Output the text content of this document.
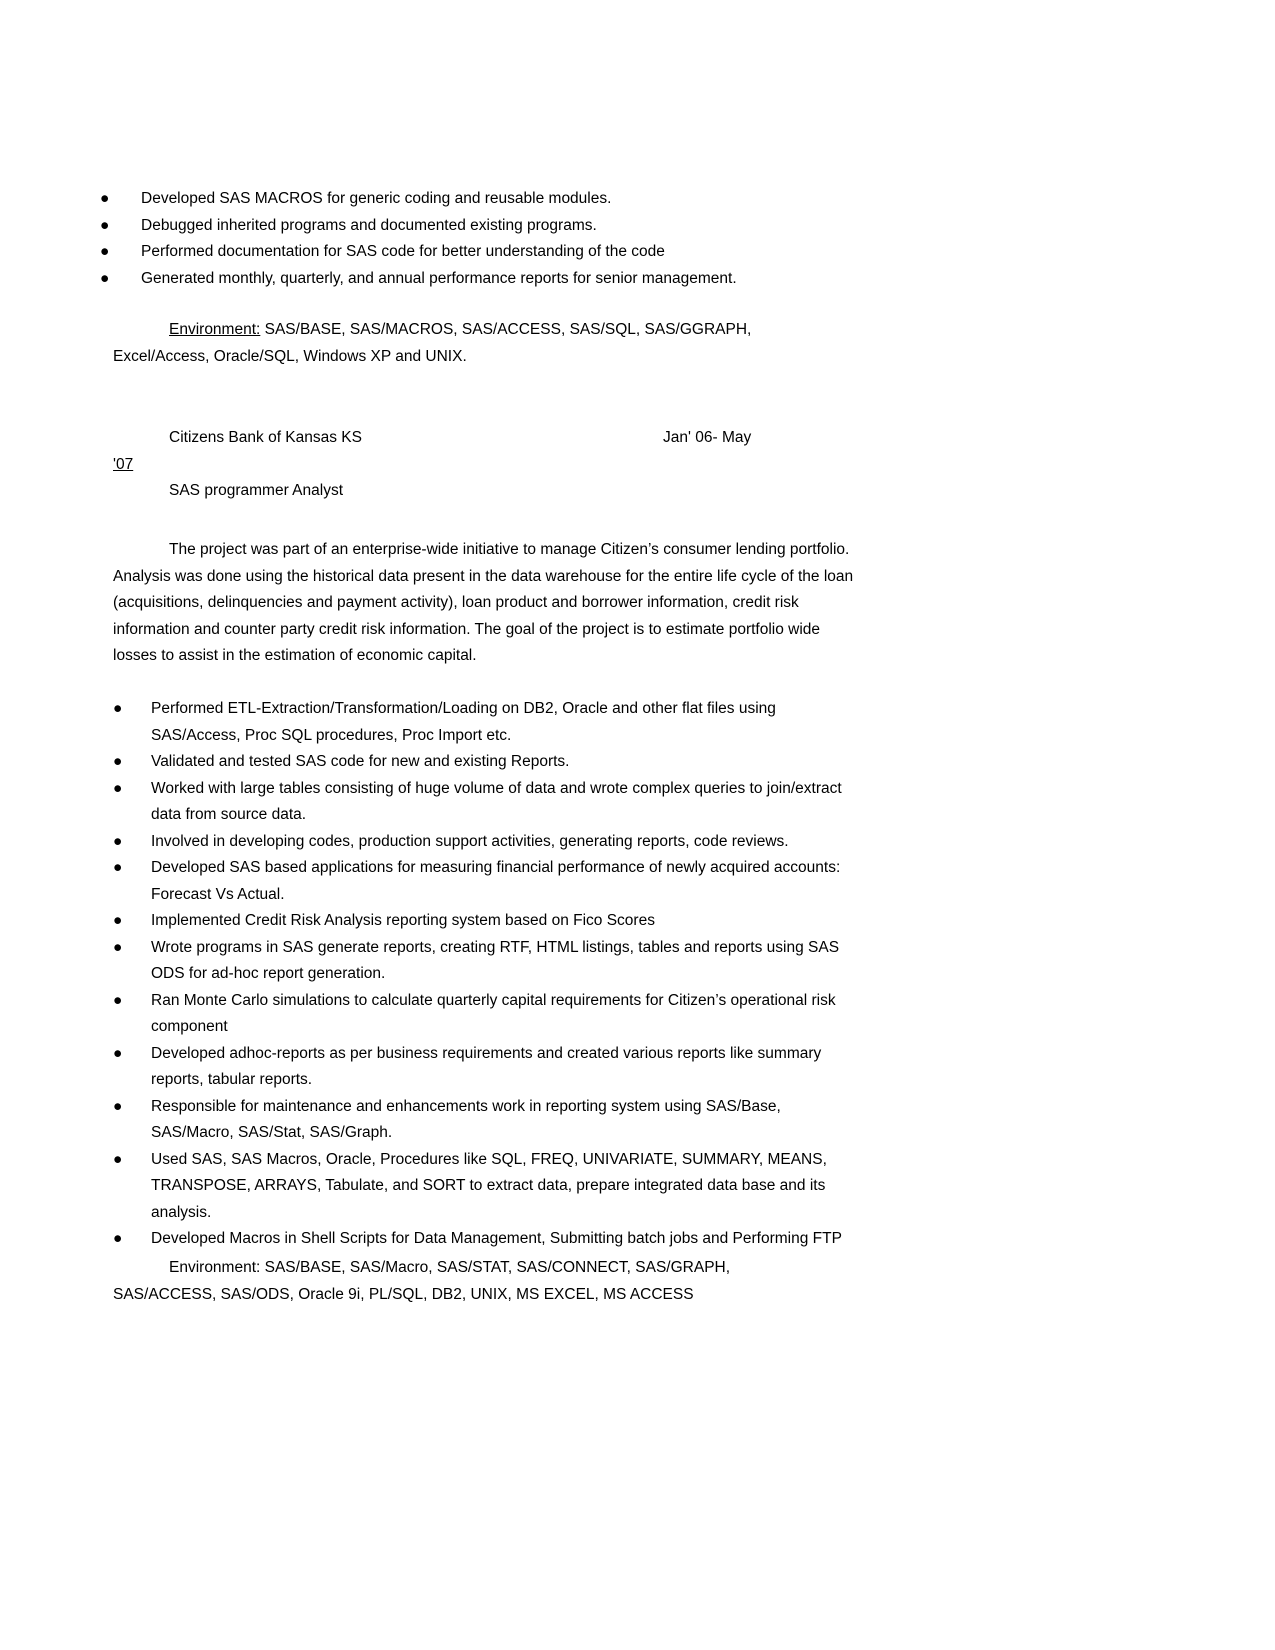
● Developed SAS MACROS for generic coding and reusable modules.
● Debugged inherited programs and documented existing programs.
● Performed documentation for SAS code for better understanding of the code
● Generated monthly, quarterly, and annual performance reports for senior management.
Environment: SAS/BASE, SAS/MACROS, SAS/ACCESS, SAS/SQL, SAS/GGRAPH, Excel/Access, Oracle/SQL, Windows XP and UNIX.
Citizens Bank of Kansas KS	Jan' 06- May
'07
SAS programmer Analyst
The project was part of an enterprise-wide initiative to manage Citizen’s consumer lending portfolio. Analysis was done using the historical data present in the data warehouse for the entire life cycle of the loan (acquisitions, delinquencies and payment activity), loan product and borrower information, credit risk information and counter party credit risk information. The goal of the project is to estimate portfolio wide losses to assist in the estimation of economic capital.
● Performed ETL-Extraction/Transformation/Loading on DB2, Oracle and other flat files using SAS/Access, Proc SQL procedures, Proc Import etc.
● Validated and tested SAS code for new and existing Reports.
● Worked with large tables consisting of huge volume of data and wrote complex queries to join/extract data from source data.
● Involved in developing codes, production support activities, generating reports, code reviews.
● Developed SAS based applications for measuring financial performance of newly acquired accounts: Forecast Vs Actual.
● Implemented Credit Risk Analysis reporting system based on Fico Scores
● Wrote programs in SAS generate reports, creating RTF, HTML listings, tables and reports using SAS ODS for ad-hoc report generation.
● Ran Monte Carlo simulations to calculate quarterly capital requirements for Citizen’s operational risk component
● Developed adhoc-reports as per business requirements and created various reports like summary reports, tabular reports.
● Responsible for maintenance and enhancements work in reporting system using SAS/Base, SAS/Macro, SAS/Stat, SAS/Graph.
● Used SAS, SAS Macros, Oracle, Procedures like SQL, FREQ, UNIVARIATE, SUMMARY, MEANS, TRANSPOSE, ARRAYS, Tabulate, and SORT to extract data, prepare integrated data base and its analysis.
● Developed Macros in Shell Scripts for Data Management, Submitting batch jobs and Performing FTP
Environment: SAS/BASE, SAS/Macro, SAS/STAT, SAS/CONNECT, SAS/GRAPH, SAS/ACCESS, SAS/ODS, Oracle 9i, PL/SQL, DB2, UNIX, MS EXCEL, MS ACCESS
